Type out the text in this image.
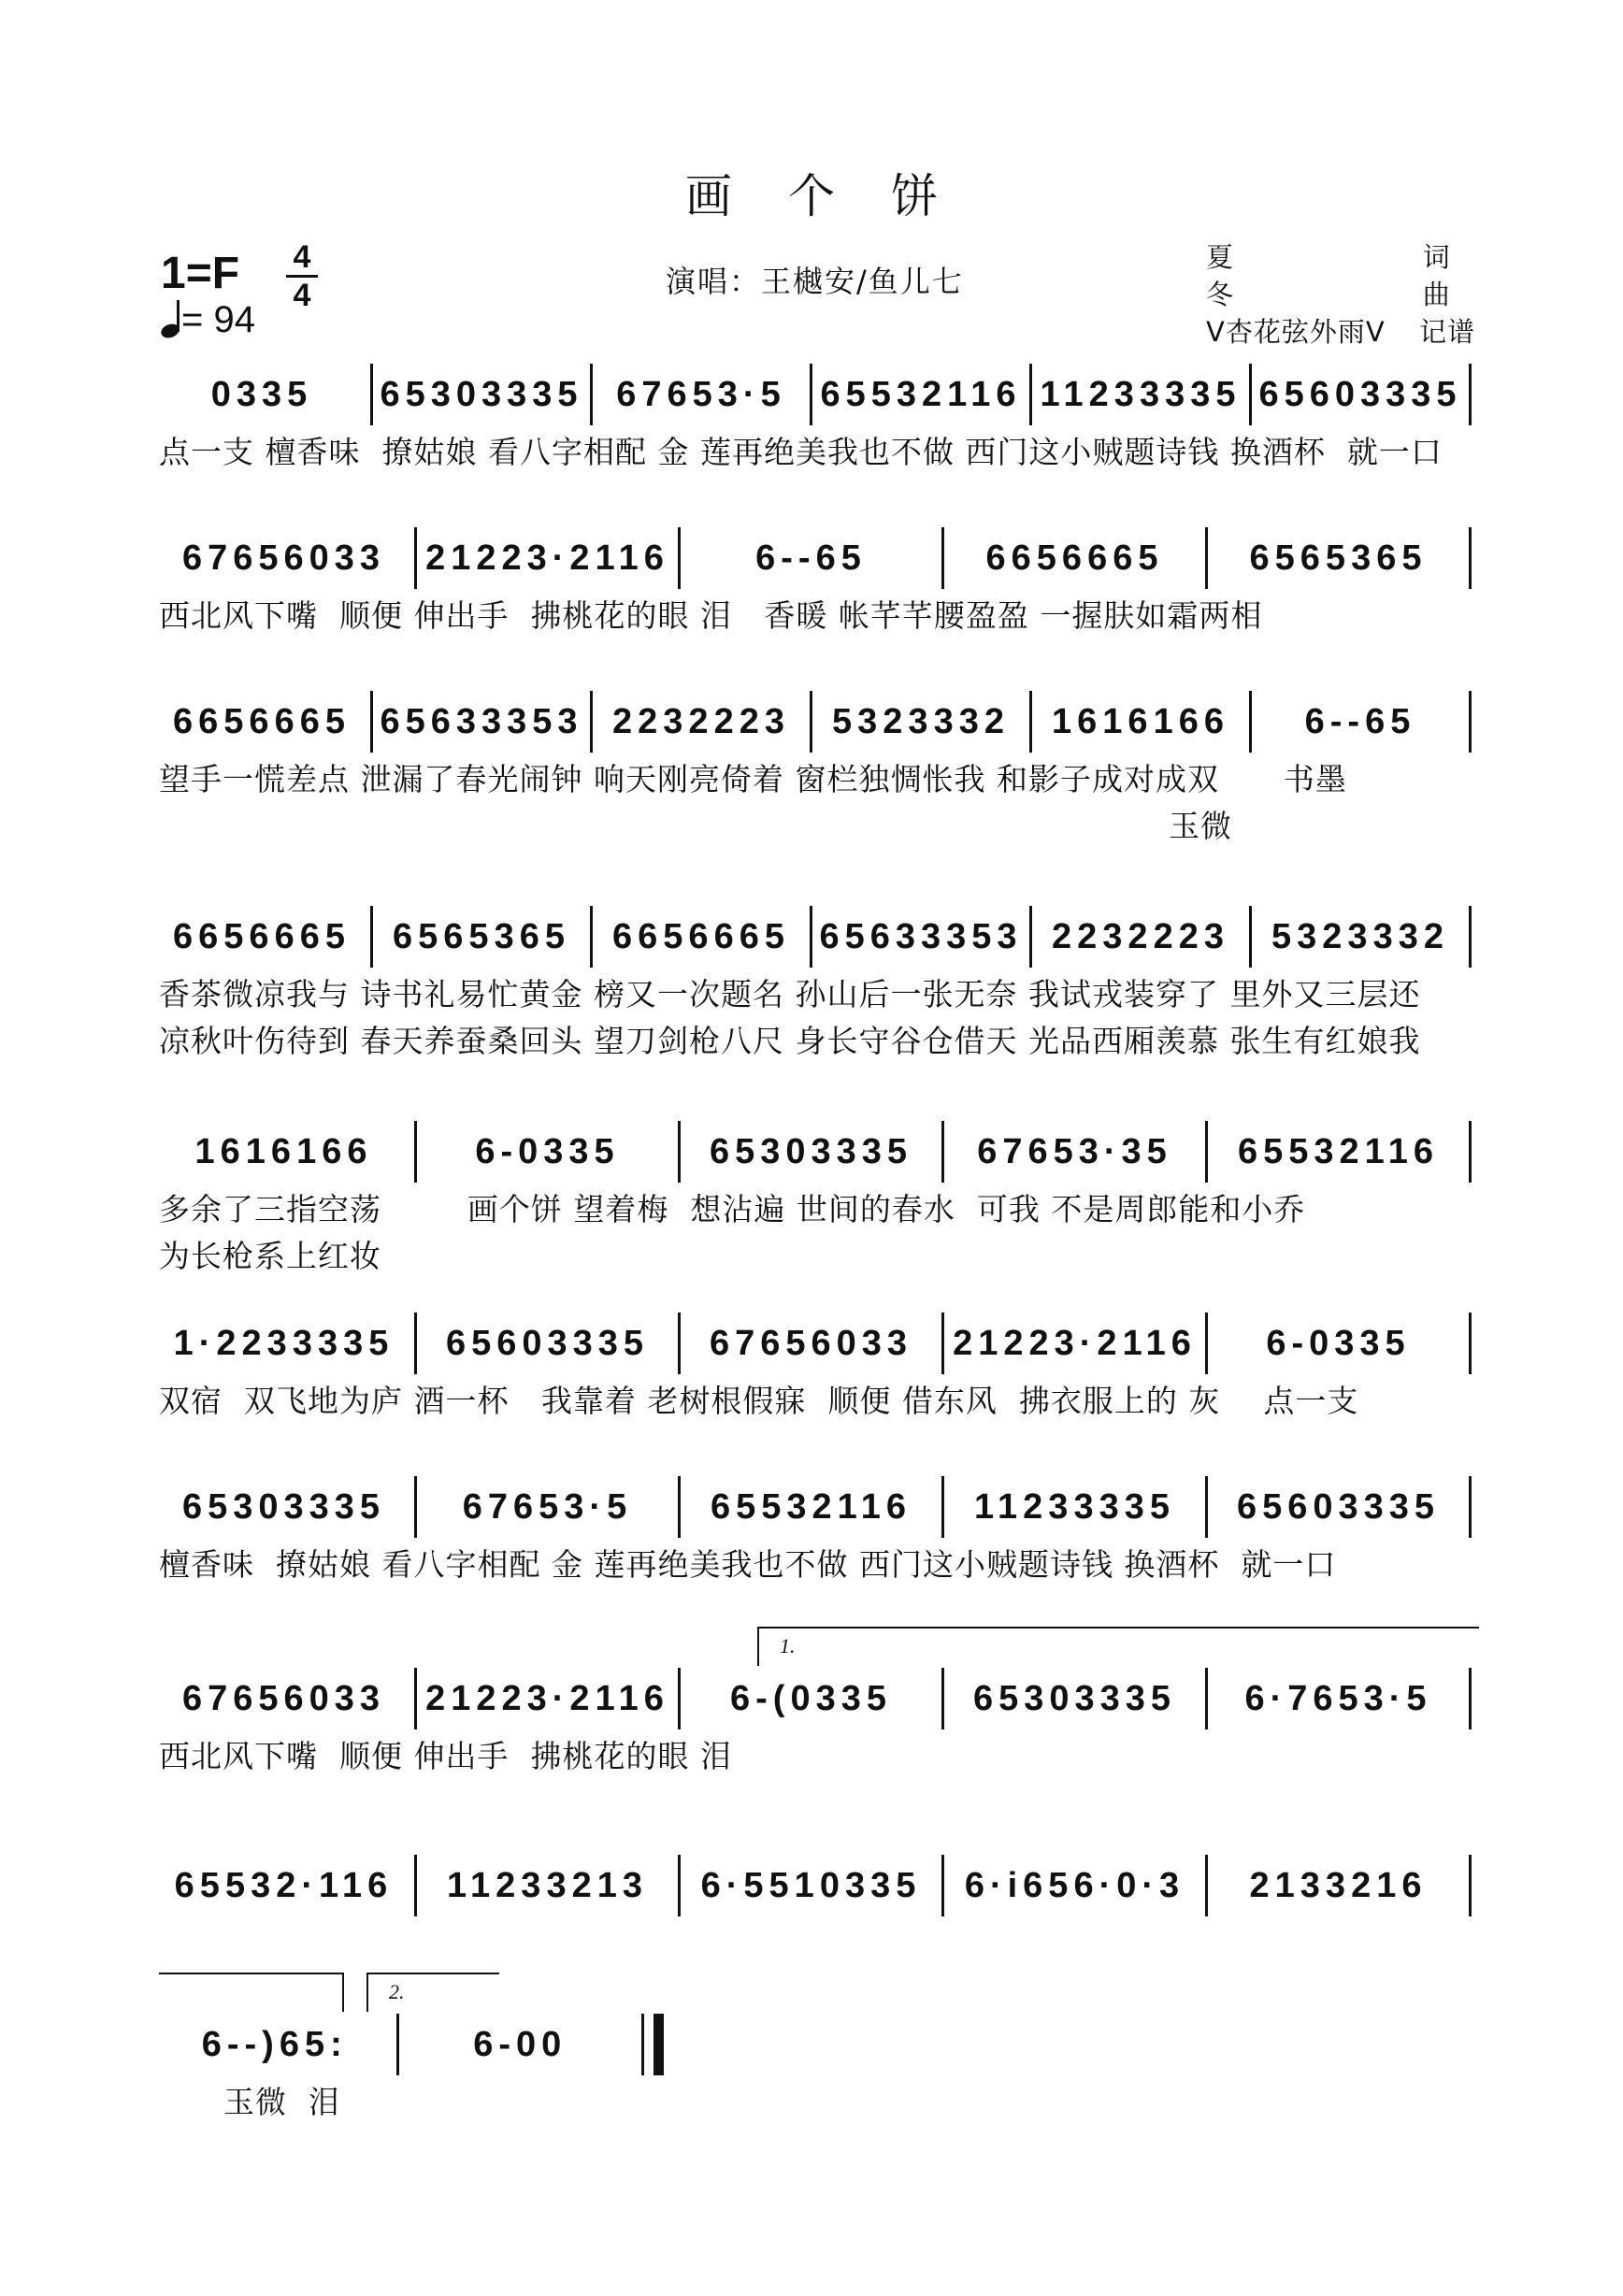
画个饼
1=F 4
4
= 94
演唱：王樾安/鱼儿七
夏 冬
词曲
V杏花弦外雨V 记谱
0335	65303335 67653·5 65532116 11233335 65603335
点一支 檀香味  撩姑娘 看八字相配 金 莲再绝美我也不做 西门这小贼题诗钱 换酒杯  就一口
67656033	21223·2116	6--65	6656665	6565365
西北风下嘴  顺便 伸出手  拂桃花的眼 泪   香暖 帐芊芊腰盈盈 一握肤如霜两相
6656665 65633353 2232223	5323332	1616166	6--65
望手一慌差点 泄漏了春光闹钟 响天刚亮倚着 窗栏独惆怅我 和影子成对成双      书墨
玉微
6656665	6565365	6656665 65633353 2232223	5323332
香茶微凉我与 诗书礼易忙黄金 榜又一次题名 孙山后一张无奈 我试戎装穿了 里外又三层还
凉秋叶伤待到 春天养蚕桑回头 望刀剑枪八尺 身长守谷仓借天 光品西厢羡慕 张生有红娘我
1616166	6-0335	65303335	67653·35	65532116
多余了三指空荡        画个饼 望着梅  想沾遍 世间的春水  可我 不是周郎能和小乔
为长枪系上红妆
1·2233335	65603335	67656033	21223·2116	6-0335
双宿  双飞地为庐 酒一杯   我靠着 老树根假寐  顺便 借东风  拂衣服上的 灰    点一支
65303335	67653·5	65532116	11233335	65603335
檀香味  撩姑娘 看八字相配 金 莲再绝美我也不做 西门这小贼题诗钱 换酒杯  就一口
67656033	21223·2116	6-(0335	65303335	6·7653·5
1.
西北风下嘴  顺便 伸出手  拂桃花的眼 泪
65532·116	11233213	6·5510335	6·i656·0·3	2133216
6--)65:	6-00
2.
玉微  泪
